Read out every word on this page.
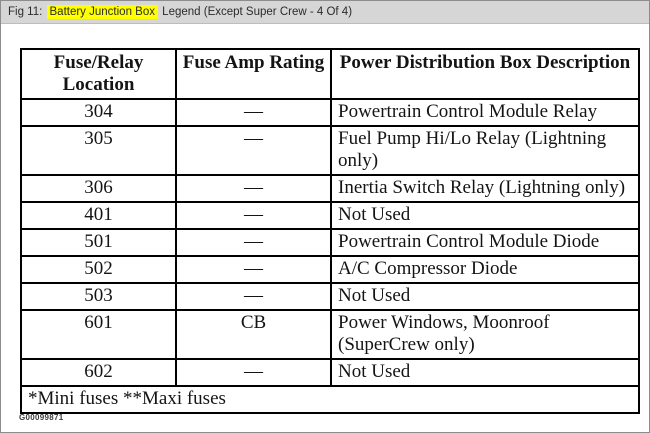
Fig 11: Battery Junction Box Legend (Except Super Crew - 4 Of 4)
Fuse/Relay Location	Fuse Amp Rating	Power Distribution Box Description
304	—	Powertrain Control Module Relay
305	—	Fuel Pump Hi/Lo Relay (Lightning only)
306	—	Inertia Switch Relay (Lightning only)
401	—	Not Used
501	—	Powertrain Control Module Diode
502	—	A/C Compressor Diode
503	—	Not Used
601	CB	Power Windows, Moonroof (SuperCrew only)
602	—	Not Used
*Mini fuses **Maxi fuses		
G00099871
